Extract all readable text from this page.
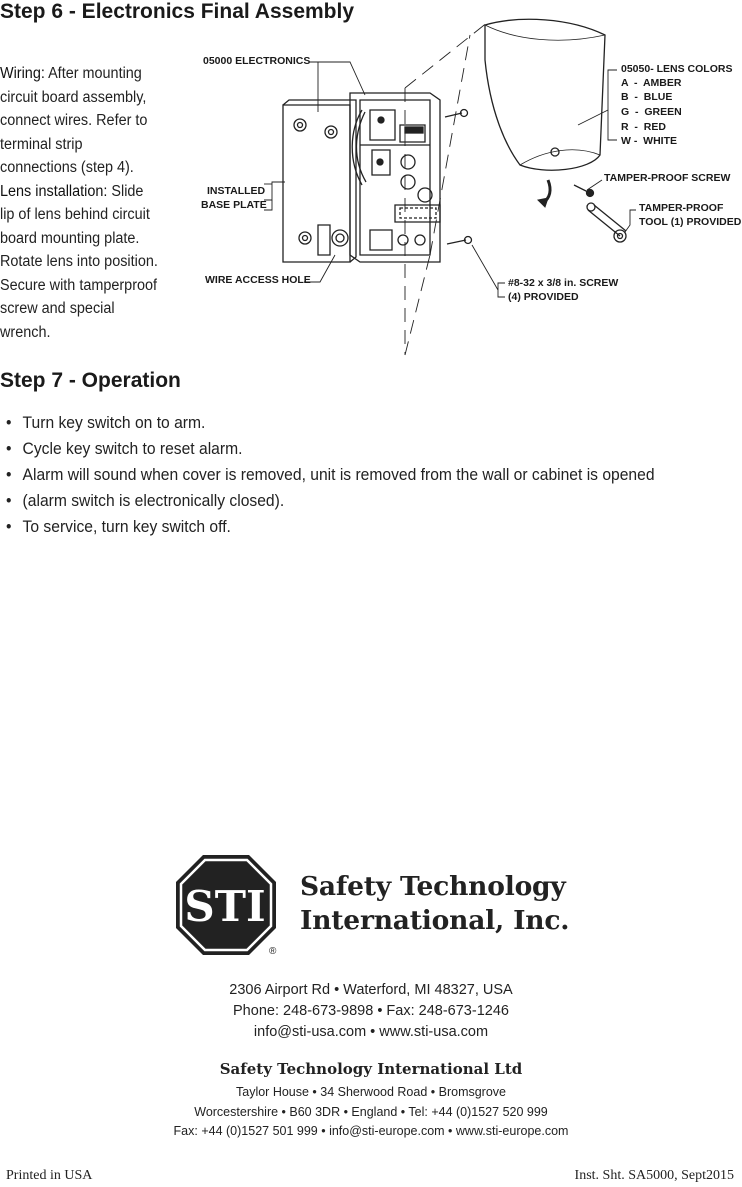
Step 6 - Electronics Final Assembly

Wiring: After mounting circuit board assembly, connect wires. Refer to terminal strip connections (step 4).

Lens installation: Slide lip of lens behind circuit board mounting plate. Rotate lens into position. Secure with tamperproof screw and special wrench.

05000 ELECTRONICS
INSTALLED
BASE PLATE
WIRE ACCESS HOLE
05050- LENS COLORS
A  -  AMBER
B  -  BLUE
G  -  GREEN
R  -  RED
W -  WHITE
TAMPER-PROOF SCREW
TAMPER-PROOF
TOOL (1) PROVIDED
#8-32 x 3/8 in. SCREW
(4) PROVIDED
Step 7 - Operation
• Turn key switch on to arm.
• Cycle key switch to reset alarm.
• Alarm will sound when cover is removed, unit is removed from the wall or cabinet is opened
• (alarm switch is electronically closed).
• To service, turn key switch off.
STI
®
Safety Technology
International, Inc.
2306 Airport Rd • Waterford, MI 48327, USA
Phone: 248-673-9898 • Fax: 248-673-1246
info@sti-usa.com • www.sti-usa.com
Safety Technology International Ltd
Taylor House • 34 Sherwood Road • Bromsgrove
Worcestershire • B60 3DR • England • Tel: +44 (0)1527 520 999
Fax: +44 (0)1527 501 999 • info@sti-europe.com • www.sti-europe.com
Printed in USA	Inst. Sht. SA5000, Sept2015
